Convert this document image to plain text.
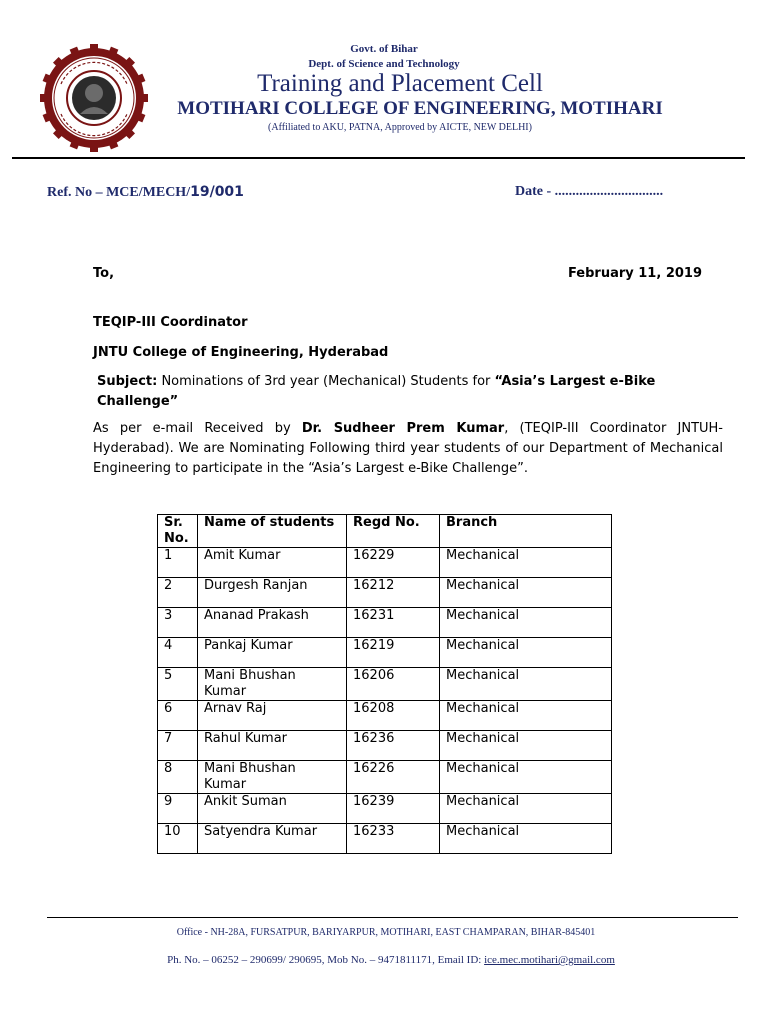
Govt. of Bihar
Dept. of Science and Technology
Training and Placement Cell
MOTIHARI COLLEGE OF ENGINEERING, MOTIHARI
(Affiliated to AKU, PATNA, Approved by AICTE, NEW DELHI)
Ref. No – MCE/MECH/19/001	Date - ...............................
To,	February 11, 2019
TEQIP-III Coordinator
JNTU College of Engineering, Hyderabad
Subject: Nominations of 3rd year (Mechanical) Students for “Asia’s Largest e-Bike Challenge”
As per e-mail Received by Dr. Sudheer Prem Kumar, (TEQIP-III Coordinator JNTUH-Hyderabad). We are Nominating Following third year students of our Department of Mechanical Engineering to participate in the “Asia’s Largest e-Bike Challenge”.
Sr. No.	Name of students	Regd No.	Branch
1	Amit Kumar	16229	Mechanical
2	Durgesh Ranjan	16212	Mechanical
3	Ananad Prakash	16231	Mechanical
4	Pankaj Kumar	16219	Mechanical
5	Mani Bhushan Kumar	16206	Mechanical
6	Arnav Raj	16208	Mechanical
7	Rahul Kumar	16236	Mechanical
8	Mani Bhushan Kumar	16226	Mechanical
9	Ankit Suman	16239	Mechanical
10	Satyendra Kumar	16233	Mechanical
Office - NH-28A, FURSATPUR, BARIYARPUR, MOTIHARI, EAST CHAMPARAN, BIHAR-845401
Ph. No. – 06252 – 290699/ 290695, Mob No. – 9471811171, Email ID: ice.mec.motihari@gmail.com
